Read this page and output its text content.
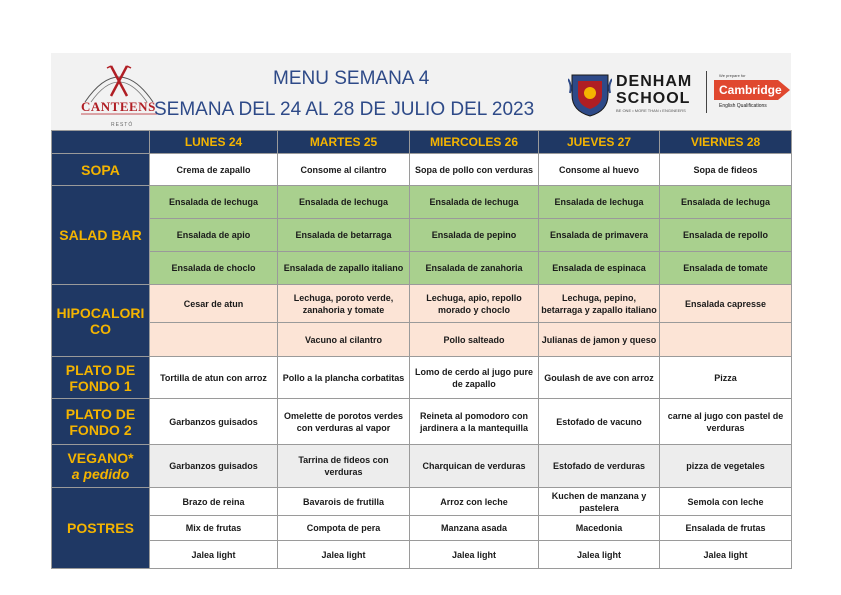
CANTEENS
RESTÓ
MENU SEMANA 4
SEMANA DEL 24 AL 28 DE JULIO DEL 2023
DENHAM
SCHOOL
BE ONE • MORE THAN • ENGINEERS
We prepare for
Cambridge
English Qualifications
	LUNES 24	MARTES 25	MIERCOLES 26	JUEVES 27	VIERNES 28
SOPA	Crema de zapallo	Consome al cilantro	Sopa de pollo con verduras	Consome al huevo	Sopa de fideos
SALAD BAR	Ensalada de lechuga	Ensalada de lechuga	Ensalada de lechuga	Ensalada de lechuga	Ensalada de lechuga
	Ensalada de apio	Ensalada de betarraga	Ensalada de pepino	Ensalada de primavera	Ensalada de repollo
	Ensalada de choclo	Ensalada de zapallo italiano	Ensalada de zanahoria	Ensalada de espinaca	Ensalada de tomate
HIPOCALORI CO	Cesar de atun	Lechuga, poroto verde, zanahoria y tomate	Lechuga, apio, repollo morado y choclo	Lechuga, pepino, betarraga y zapallo italiano	Ensalada capresse
		Vacuno al cilantro	Pollo salteado	Julianas de jamon y queso	
PLATO DE FONDO 1	Tortilla de atun con arroz	Pollo a la plancha corbatitas	Lomo de cerdo al jugo pure de zapallo	Goulash de ave con arroz	Pizza
PLATO DE FONDO 2	Garbanzos guisados	Omelette de porotos verdes con verduras al vapor	Reineta al pomodoro con jardinera a la mantequilla	Estofado de vacuno	carne al jugo con pastel de verduras
VEGANO*
a pedido	Garbanzos guisados	Tarrina de fideos con verduras	Charquican de verduras	Estofado de verduras	pizza de vegetales
POSTRES	Brazo de reina	Bavarois de frutilla	Arroz con leche	Kuchen de manzana y pastelera	Semola con leche
	Mix de frutas	Compota de pera	Manzana asada	Macedonia	Ensalada de frutas
	Jalea light	Jalea light	Jalea light	Jalea light	Jalea light
